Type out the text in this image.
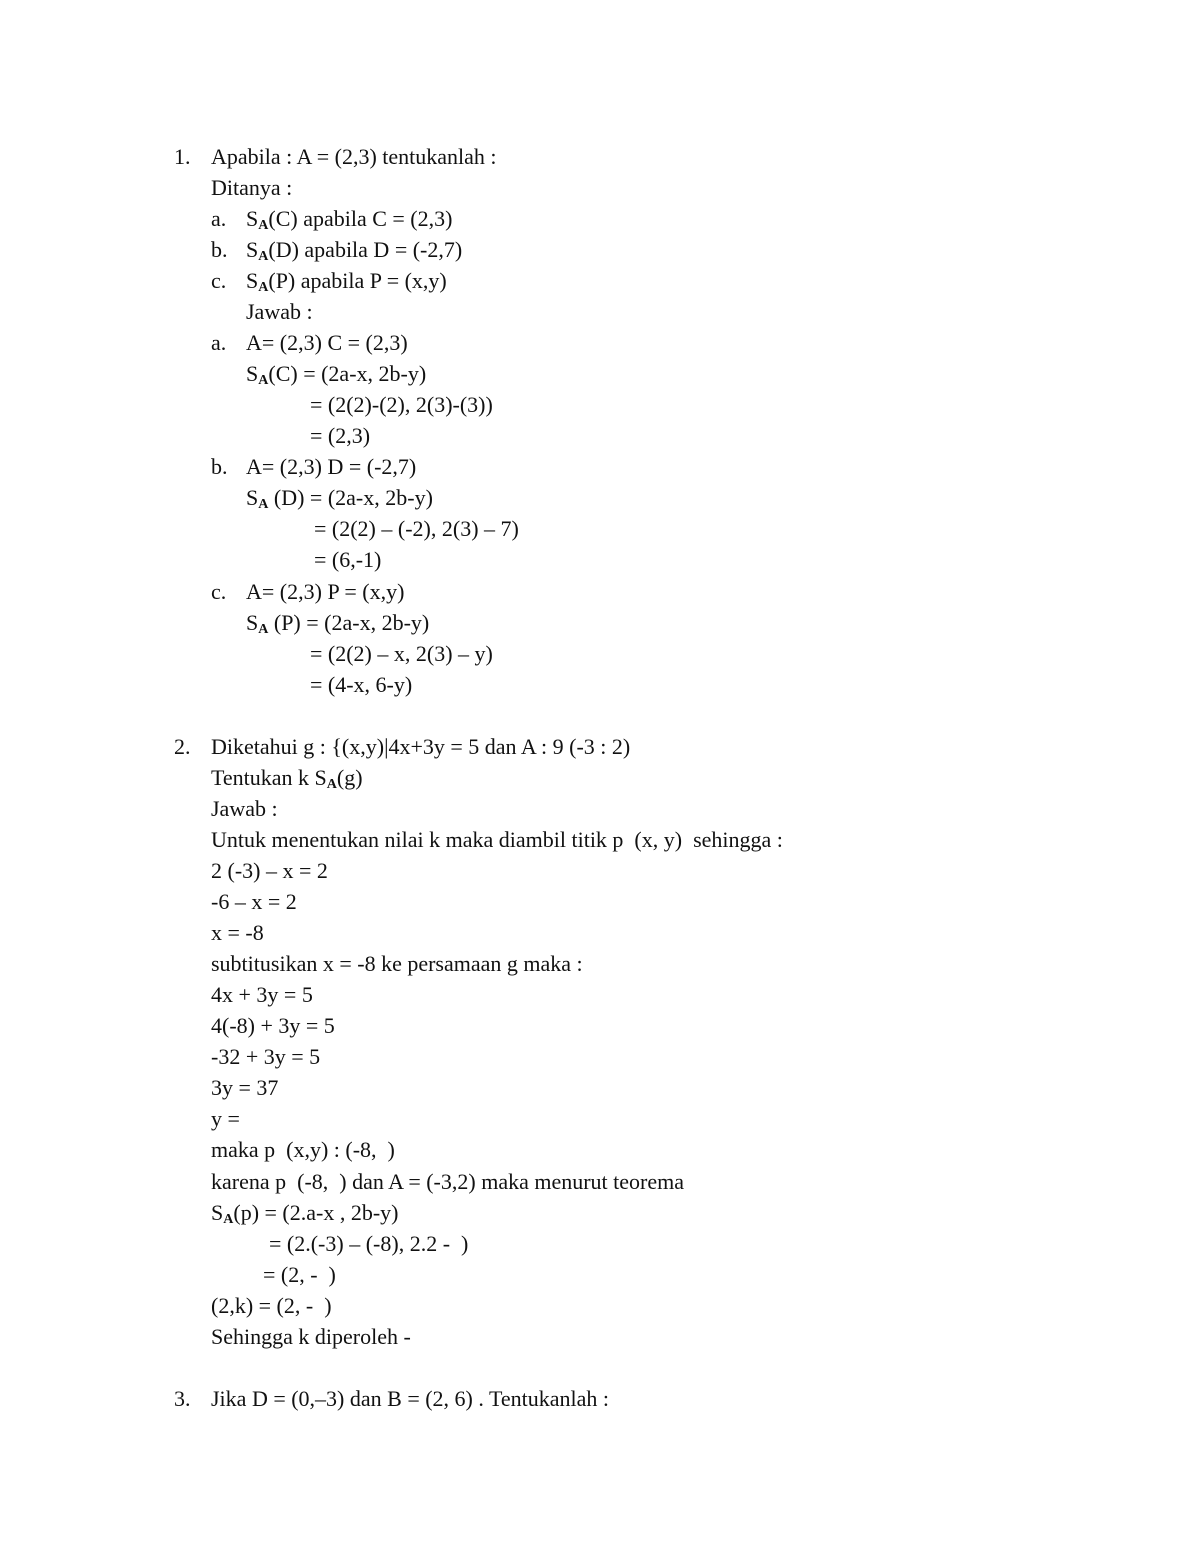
1. Apabila : A = (2,3) tentukanlah :
Ditanya :
a. SA(C) apabila C = (2,3)
b. SA(D) apabila D = (-2,7)
c. SA(P) apabila P = (x,y)
Jawab :
a. A= (2,3) C = (2,3)
SA(C) = (2a-x, 2b-y)
= (2(2)-(2), 2(3)-(3))
= (2,3)
b. A= (2,3) D = (-2,7)
SA (D) = (2a-x, 2b-y)
= (2(2) – (-2), 2(3) – 7)
= (6,-1)
c. A= (2,3) P = (x,y)
SA (P) = (2a-x, 2b-y)
= (2(2) – x, 2(3) – y)
= (4-x, 6-y)
2. Diketahui g : {(x,y)|4x+3y = 5 dan A : 9 (-3 : 2)
Tentukan k SA(g)
Jawab :
Untuk menentukan nilai k maka diambil titik p  (x, y)  sehingga :
2 (-3) – x = 2
-6 – x = 2
x = -8
subtitusikan x = -8 ke persamaan g maka :
4x + 3y = 5
4(-8) + 3y = 5
-32 + 3y = 5
3y = 37
y =
maka p  (x,y) : (-8,  )
karena p  (-8,  ) dan A = (-3,2) maka menurut teorema
SA(p) = (2.a-x , 2b-y)
= (2.(-3) – (-8), 2.2 -  )
= (2, -  )
(2,k) = (2, -  )
Sehingga k diperoleh -
3. Jika D = (0,–3) dan B = (2, 6) . Tentukanlah :
